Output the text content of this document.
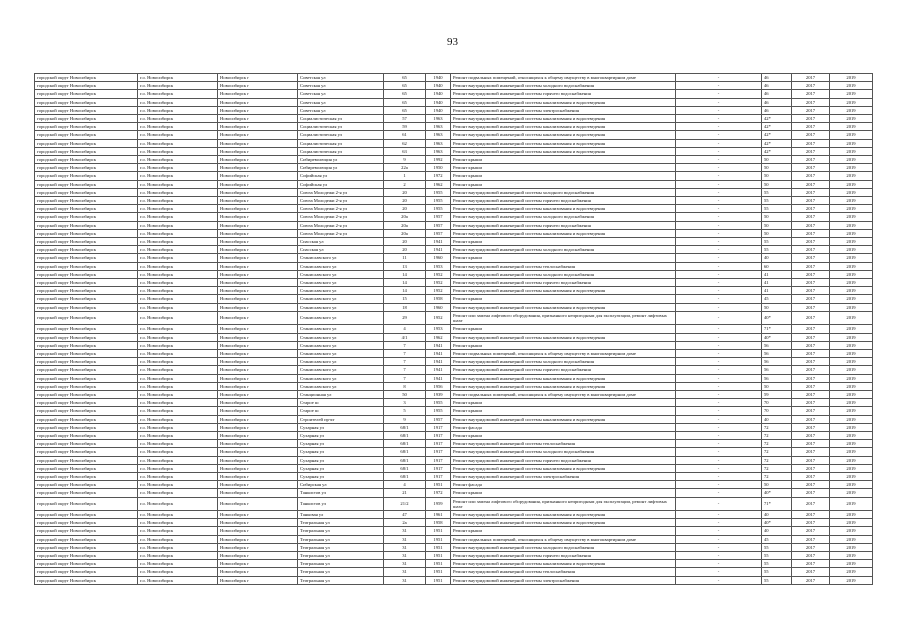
93
городской округ Новосибирск	г.о. Новосибирск	Новосибирск г	Советская ул	65	1940	Ремонт подвальных помещений, относящихся к общему имуществу в многоквартирном доме	-	46	2017	2019
городской округ Новосибирск	г.о. Новосибирск	Новосибирск г	Советская ул	65	1940	Ремонт внутридомовой инженерной системы холодного водоснабжения	-	46	2017	2019
городской округ Новосибирск	г.о. Новосибирск	Новосибирск г	Советская ул	65	1940	Ремонт внутридомовой инженерной системы горячего водоснабжения	-	46	2017	2019
городской округ Новосибирск	г.о. Новосибирск	Новосибирск г	Советская ул	65	1940	Ремонт внутридомовой инженерной системы канализования и водоотведения	-	46	2017	2019
городской округ Новосибирск	г.о. Новосибирск	Новосибирск г	Советская ул	65	1940	Ремонт внутридомовой инженерной системы электроснабжения	-	46	2017	2019
городской округ Новосибирск	г.о. Новосибирск	Новосибирск г	Социалистическая ул	57	1963	Ремонт внутридомовой инженерной системы канализования и водоотведения	-	42*	2017	2019
городской округ Новосибирск	г.о. Новосибирск	Новосибирск г	Социалистическая ул	59	1963	Ремонт внутридомовой инженерной системы канализования и водоотведения	-	42*	2017	2019
городской округ Новосибирск	г.о. Новосибирск	Новосибирск г	Социалистическая ул	61	1963	Ремонт внутридомовой инженерной системы канализования и водоотведения	-	42*	2017	2019
городской округ Новосибирск	г.о. Новосибирск	Новосибирск г	Социалистическая ул	62	1963	Ремонт внутридомовой инженерной системы канализования и водоотведения	-	42*	2017	2019
городской округ Новосибирск	г.о. Новосибирск	Новосибирск г	Социалистическая ул	63	1963	Ремонт внутридомовой инженерной системы канализования и водоотведения	-	42*	2017	2019
городской округ Новосибирск	г.о. Новосибирск	Новосибирск г	Сибиреволюция ул	9	1992	Ремонт крыши	-	50	2017	2019
городской округ Новосибирск	г.о. Новосибирск	Новосибирск г	Сибиреволюция ул	22а	1950	Ремонт крыши	-	50	2017	2019
городской округ Новосибирск	г.о. Новосибирск	Новосибирск г	Софийская ул	1	1972	Ремонт крыши	-	50	2017	2019
городской округ Новосибирск	г.о. Новосибирск	Новосибирск г	Софийская ул	2	1962	Ремонт крыши	-	50	2017	2019
городской округ Новосибирск	г.о. Новосибирск	Новосибирск г	Союза Молодежи 2-я ул	20	1955	Ремонт внутридомовой инженерной системы холодного водоснабжения	-	55	2017	2019
городской округ Новосибирск	г.о. Новосибирск	Новосибирск г	Союза Молодежи 2-я ул	20	1955	Ремонт внутридомовой инженерной системы горячего водоснабжения	-	55	2017	2019
городской округ Новосибирск	г.о. Новосибирск	Новосибирск г	Союза Молодежи 2-я ул	20	1955	Ремонт внутридомовой инженерной системы канализования и водоотведения	-	55	2017	2019
городской округ Новосибирск	г.о. Новосибирск	Новосибирск г	Союза Молодежи 2-я ул	20а	1957	Ремонт внутридомовой инженерной системы холодного водоснабжения	-	50	2017	2019
городской округ Новосибирск	г.о. Новосибирск	Новосибирск г	Союза Молодежи 2-я ул	20а	1957	Ремонт внутридомовой инженерной системы горячего водоснабжения	-	50	2017	2019
городской округ Новосибирск	г.о. Новосибирск	Новосибирск г	Союза Молодежи 2-я ул	20а	1957	Ремонт внутридомовой инженерной системы канализования и водоотведения	-	50	2017	2019
городской округ Новосибирск	г.о. Новосибирск	Новосибирск г	Спасская ул	20	1941	Ремонт крыши	-	55	2017	2019
городской округ Новосибирск	г.о. Новосибирск	Новосибирск г	Спасская ул	20	1941	Ремонт внутридомовой инженерной системы холодного водоснабжения	-	55	2017	2019
городской округ Новосибирск	г.о. Новосибирск	Новосибирск г	Станиславского ул	11	1960	Ремонт крыши	-	40	2017	2019
городской округ Новосибирск	г.о. Новосибирск	Новосибирск г	Станиславского ул	13	1953	Ремонт внутридомовой инженерной системы теплоснабжения	-	60	2017	2019
городской округ Новосибирск	г.о. Новосибирск	Новосибирск г	Станиславского ул	14	1952	Ремонт внутридомовой инженерной системы холодного водоснабжения	-	41	2017	2019
городской округ Новосибирск	г.о. Новосибирск	Новосибирск г	Станиславского ул	14	1952	Ремонт внутридомовой инженерной системы горячего водоснабжения	-	41	2017	2019
городской округ Новосибирск	г.о. Новосибирск	Новосибирск г	Станиславского ул	14	1952	Ремонт внутридомовой инженерной системы канализования и водоотведения	-	41	2017	2019
городской округ Новосибирск	г.о. Новосибирск	Новосибирск г	Станиславского ул	15	1958	Ремонт крыши	-	45	2017	2019
городской округ Новосибирск	г.о. Новосибирск	Новосибирск г	Станиславского ул	18	1960	Ремонт внутридомовой инженерной системы канализования и водоотведения	-	50	2017	2019
городской округ Новосибирск	г.о. Новосибирск	Новосибирск г	Станиславского ул	29	1952	Ремонт или замена лифтового оборудования, признанного непригодным для эксплуатации, ремонт лифтовых шахт	-	40*	2017	2019
городской округ Новосибирск	г.о. Новосибирск	Новосибирск г	Станиславского ул	4	1953	Ремонт крыши	-	71*	2017	2019
городской округ Новосибирск	г.о. Новосибирск	Новосибирск г	Станиславского ул	4/1	1962	Ремонт внутридомовой инженерной системы канализования и водоотведения	-	40*	2017	2019
городской округ Новосибирск	г.о. Новосибирск	Новосибирск г	Станиславского ул	7	1941	Ремонт крыши	-	56	2017	2019
городской округ Новосибирск	г.о. Новосибирск	Новосибирск г	Станиславского ул	7	1941	Ремонт подвальных помещений, относящихся к общему имуществу в многоквартирном доме	-	56	2017	2019
городской округ Новосибирск	г.о. Новосибирск	Новосибирск г	Станиславского ул	7	1941	Ремонт внутридомовой инженерной системы холодного водоснабжения	-	56	2017	2019
городской округ Новосибирск	г.о. Новосибирск	Новосибирск г	Станиславского ул	7	1941	Ремонт внутридомовой инженерной системы горячего водоснабжения	-	56	2017	2019
городской округ Новосибирск	г.о. Новосибирск	Новосибирск г	Станиславского ул	7	1941	Ремонт внутридомовой инженерной системы канализования и водоотведения	-	56	2017	2019
городской округ Новосибирск	г.о. Новосибирск	Новосибирск г	Станиславского ул	8	1956	Ремонт внутридомовой инженерной системы канализования и водоотведения	-	50	2017	2019
городской округ Новосибирск	г.о. Новосибирск	Новосибирск г	Станционная ул	50	1939	Ремонт подвальных помещений, относящихся к общему имуществу в многоквартирном доме	-	59	2017	2019
городской округ Новосибирск	г.о. Новосибирск	Новосибирск г	Старое ш	3	1955	Ремонт крыши	-	70	2017	2019
городской округ Новосибирск	г.о. Новосибирск	Новосибирск г	Старое ш	5	1955	Ремонт крыши	-	70	2017	2019
городской округ Новосибирск	г.о. Новосибирск	Новосибирск г	Строителей пр-кт	9	1957	Ремонт внутридомовой инженерной системы канализования и водоотведения	-	40	2017	2019
городской округ Новосибирск	г.о. Новосибирск	Новосибирск г	Сухарная ул	68/1	1917	Ремонт фасада	-	72	2017	2019
городской округ Новосибирск	г.о. Новосибирск	Новосибирск г	Сухарная ул	68/1	1917	Ремонт крыши	-	72	2017	2019
городской округ Новосибирск	г.о. Новосибирск	Новосибирск г	Сухарная ул	68/1	1917	Ремонт внутридомовой инженерной системы теплоснабжения	-	72	2017	2019
городской округ Новосибирск	г.о. Новосибирск	Новосибирск г	Сухарная ул	68/1	1917	Ремонт внутридомовой инженерной системы холодного водоснабжения	-	72	2017	2019
городской округ Новосибирск	г.о. Новосибирск	Новосибирск г	Сухарная ул	68/1	1917	Ремонт внутридомовой инженерной системы горячего водоснабжения	-	72	2017	2019
городской округ Новосибирск	г.о. Новосибирск	Новосибирск г	Сухарная ул	68/1	1917	Ремонт внутридомовой инженерной системы канализования и водоотведения	-	72	2017	2019
городской округ Новосибирск	г.о. Новосибирск	Новосибирск г	Сухарная ул	68/1	1917	Ремонт внутридомовой инженерной системы электроснабжения	-	72	2017	2019
городской округ Новосибирск	г.о. Новосибирск	Новосибирск г	Сибирская ул	4	1951	Ремонт фасада	-	50	2017	2019
городской округ Новосибирск	г.о. Новосибирск	Новосибирск г	Танкистов ул	21	1972	Ремонт крыши	-	40*	2017	2019
городской округ Новосибирск	г.о. Новосибирск	Новосибирск г	Танкистов ул	21/2	1959	Ремонт или замена лифтового оборудования, признанного непригодным для эксплуатации, ремонт лифтовых шахт	-	71*	2017	2019
городской округ Новосибирск	г.о. Новосибирск	Новосибирск г	Танковая ул	47	1961	Ремонт внутридомовой инженерной системы канализования и водоотведения	-	40	2017	2019
городской округ Новосибирск	г.о. Новосибирск	Новосибирск г	Театральная ул	2а	1958	Ремонт внутридомовой инженерной системы канализования и водоотведения	-	40*	2017	2019
городской округ Новосибирск	г.о. Новосибирск	Новосибирск г	Театральная ул	31	1951	Ремонт крыши	-	40	2017	2019
городской округ Новосибирск	г.о. Новосибирск	Новосибирск г	Театральная ул	31	1951	Ремонт подвальных помещений, относящихся к общему имуществу в многоквартирном доме	-	45	2017	2019
городской округ Новосибирск	г.о. Новосибирск	Новосибирск г	Театральная ул	31	1951	Ремонт внутридомовой инженерной системы холодного водоснабжения	-	55	2017	2019
городской округ Новосибирск	г.о. Новосибирск	Новосибирск г	Театральная ул	31	1951	Ремонт внутридомовой инженерной системы горячего водоснабжения	-	55	2017	2019
городской округ Новосибирск	г.о. Новосибирск	Новосибирск г	Театральная ул	31	1951	Ремонт внутридомовой инженерной системы канализования и водоотведения	-	55	2017	2019
городской округ Новосибирск	г.о. Новосибирск	Новосибирск г	Театральная ул	31	1951	Ремонт внутридомовой инженерной системы теплоснабжения	-	55	2017	2019
городской округ Новосибирск	г.о. Новосибирск	Новосибирск г	Театральная ул	31	1951	Ремонт внутридомовой инженерной системы электроснабжения	-	55	2017	2019
